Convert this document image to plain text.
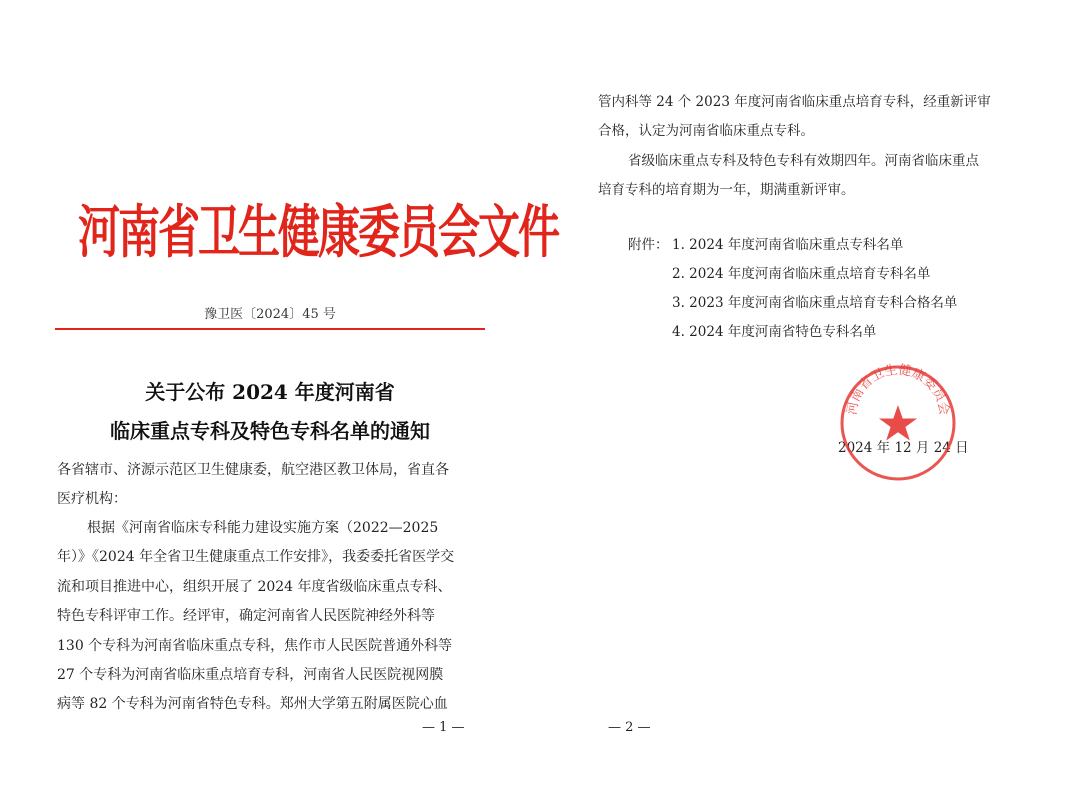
河南省卫生健康委员会文件
豫卫医〔2024〕45 号
关于公布 2024 年度河南省
临床重点专科及特色专科名单的通知
各省辖市、济源示范区卫生健康委，航空港区教卫体局，省直各
医疗机构：
根据《河南省临床专科能力建设实施方案（2022—2025
年）》《2024 年全省卫生健康重点工作安排》，我委委托省医学交
流和项目推进中心，组织开展了 2024 年度省级临床重点专科、
特色专科评审工作。经评审，确定河南省人民医院神经外科等
130 个专科为河南省临床重点专科，焦作市人民医院普通外科等
27 个专科为河南省临床重点培育专科，河南省人民医院视网膜
病等 82 个专科为河南省特色专科。郑州大学第五附属医院心血
— 1 —
管内科等 24 个 2023 年度河南省临床重点培育专科，经重新评审
合格，认定为河南省临床重点专科。
省级临床重点专科及特色专科有效期四年。河南省临床重点
培育专科的培育期为一年，期满重新评审。
附件： 1. 2024 年度河南省临床重点专科名单
2. 2024 年度河南省临床重点培育专科名单
3. 2023 年度河南省临床重点培育专科合格名单
4. 2024 年度河南省特色专科名单
2024 年 12 月 24 日
河南省卫生健康委员会
— 2 —
